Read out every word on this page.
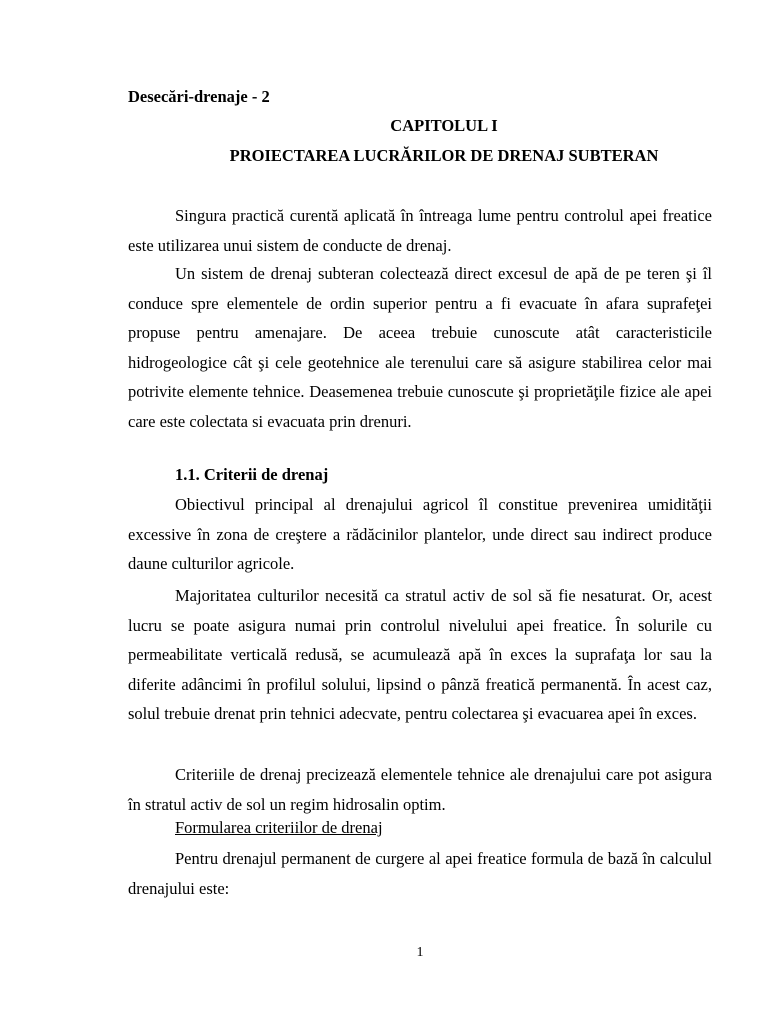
Desecări-drenaje - 2
CAPITOLUL I
PROIECTAREA LUCRĂRILOR DE DRENAJ SUBTERAN

Singura practică curentă aplicată în întreaga lume pentru controlul apei freatice este utilizarea unui sistem de conducte de drenaj.

Un sistem de drenaj subteran colectează direct excesul de apă de pe teren şi îl conduce spre elementele de ordin superior pentru a fi evacuate în afara suprafeţei propuse pentru amenajare. De aceea trebuie cunoscute atât caracteristicile hidrogeologice cât şi cele geotehnice ale terenului care să asigure stabilirea celor mai potrivite elemente tehnice. Deasemenea trebuie cunoscute şi proprietăţile fizice ale apei care este colectata si evacuata prin drenuri.

1.1. Criterii de drenaj

Obiectivul principal al drenajului agricol îl constitue prevenirea umidităţii excessive în zona de creştere a rădăcinilor plantelor, unde direct sau indirect produce daune culturilor agricole.

Majoritatea culturilor necesită ca stratul activ de sol să fie nesaturat. Or, acest lucru se poate asigura numai prin controlul nivelului apei freatice. În solurile cu permeabilitate verticală redusă, se acumulează apă în exces la suprafaţa lor sau la diferite adâncimi în profilul solului, lipsind o pânză freatică permanentă. În acest caz, solul trebuie drenat prin tehnici adecvate, pentru colectarea şi evacuarea apei în exces.

Criteriile de drenaj precizează elementele tehnice ale drenajului care pot asigura în stratul activ de sol un regim hidrosalin optim.

Formularea criteriilor de drenaj

Pentru drenajul permanent de curgere al apei freatice formula de bază în calculul drenajului este:

1
